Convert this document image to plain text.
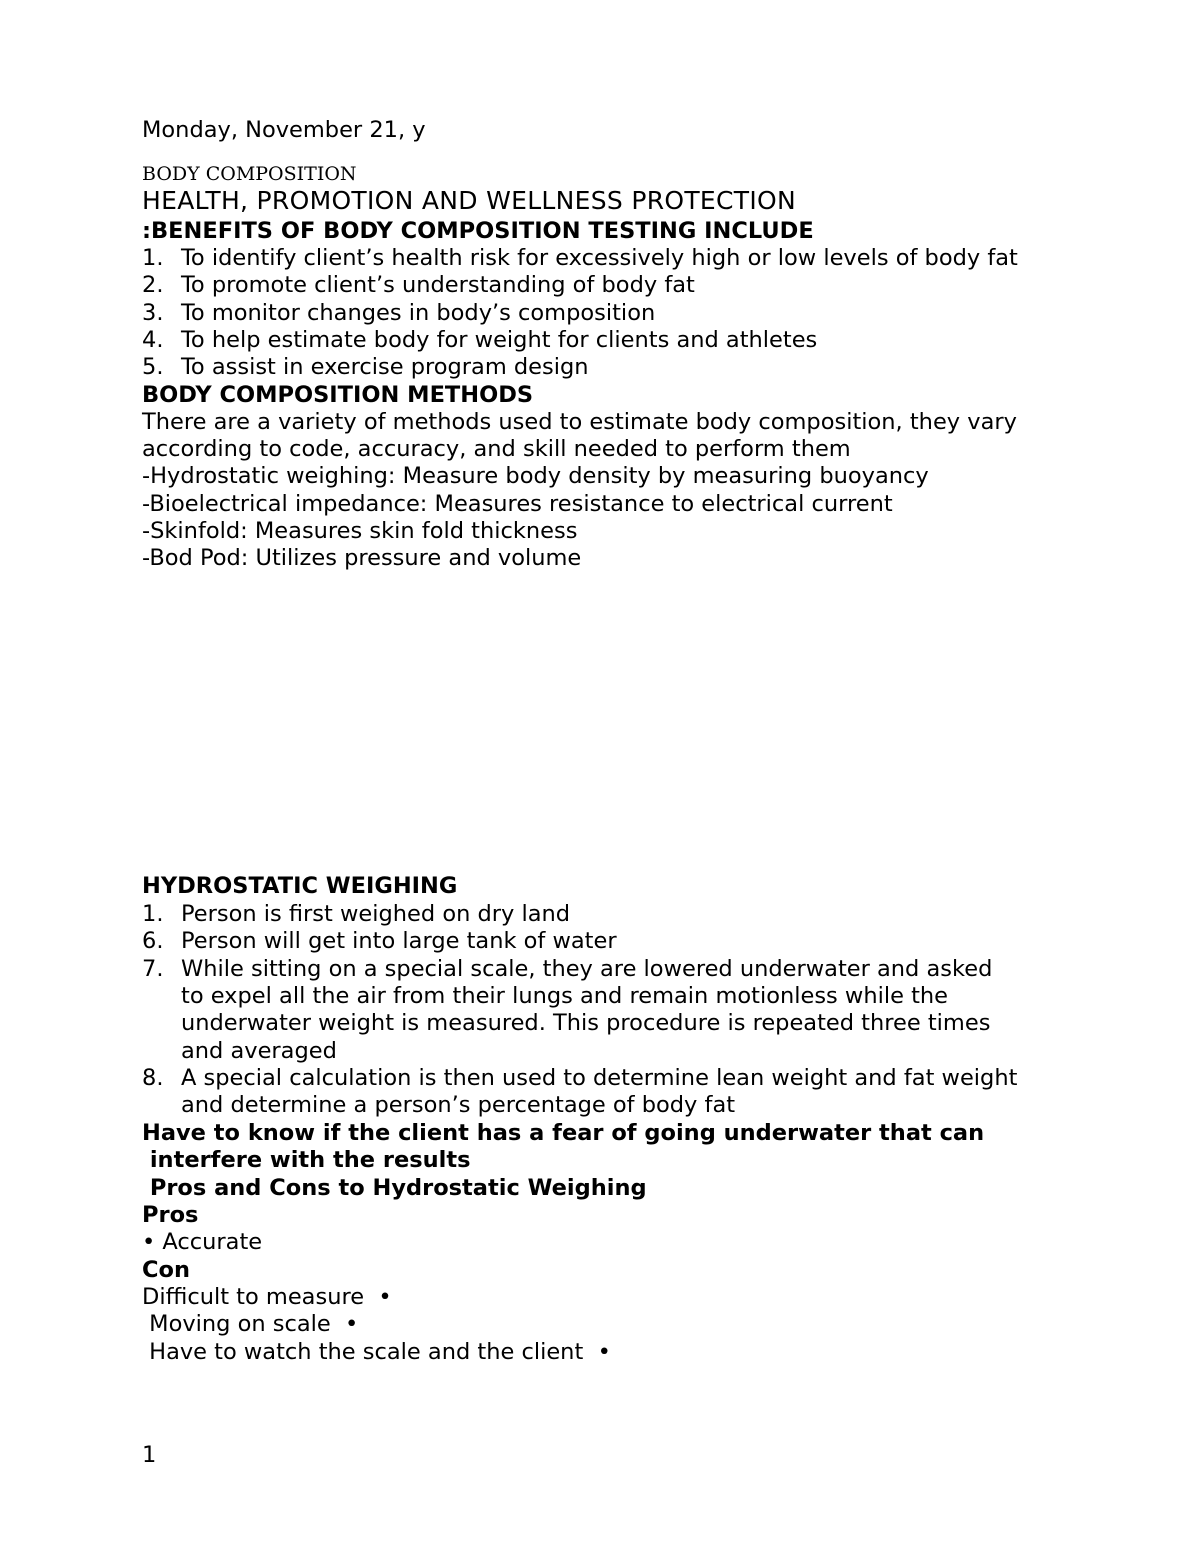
Monday, November 21, y
BODY COMPOSITION
HEALTH, PROMOTION AND WELLNESS PROTECTION
:BENEFITS OF BODY COMPOSITION TESTING INCLUDE
1. To identify client’s health risk for excessively high or low levels of body fat
2. To promote client’s understanding of body fat
3. To monitor changes in body’s composition
4. To help estimate body for weight for clients and athletes
5. To assist in exercise program design
BODY COMPOSITION METHODS
There are a variety of methods used to estimate body composition, they vary
according to code, accuracy, and skill needed to perform them
-Hydrostatic weighing: Measure body density by measuring buoyancy
-Bioelectrical impedance: Measures resistance to electrical current
-Skinfold: Measures skin fold thickness
-Bod Pod: Utilizes pressure and volume
HYDROSTATIC WEIGHING
1. Person is first weighed on dry land
6. Person will get into large tank of water
7. While sitting on a special scale, they are lowered underwater and asked
to expel all the air from their lungs and remain motionless while the
underwater weight is measured. This procedure is repeated three times
and averaged
8. A special calculation is then used to determine lean weight and fat weight
and determine a person’s percentage of body fat
Have to know if the client has a fear of going underwater that can
interfere with the results
Pros and Cons to Hydrostatic Weighing
Pros
• Accurate
Con
Difficult to measure  •
Moving on scale  •
Have to watch the scale and the client  •
1
